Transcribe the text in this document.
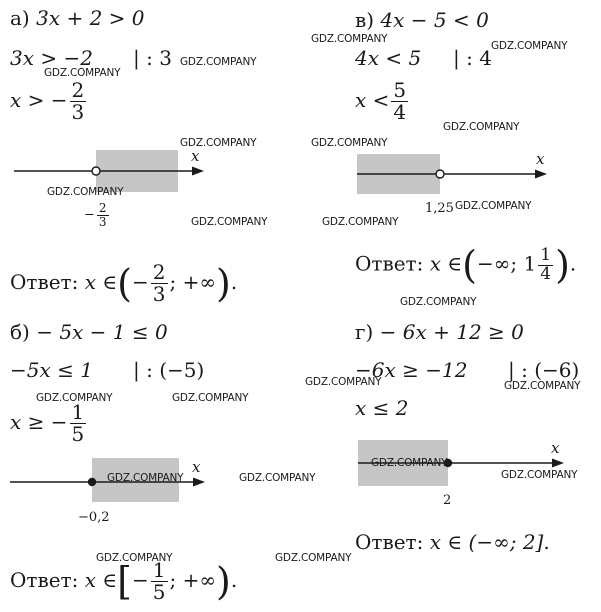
а) 3x + 2 > 0
3x > −2 | : 3
x > − $\frac{2}{3}$
x
− $\frac{2}{3}$
Ответ: x ∈(− $\frac{2}{3}$ ; +∞).
в) 4x − 5 < 0
4x < 5 | : 4
$x < \frac{5}{4}$
x
1,25
Ответ: x ∈(−∞; $1 \frac{1}{4}$ ).
б) − 5x − 1 ≤ 0
−5x ≤ 1 | : (−5)
x ≥ − $\frac{1}{5}$
x
−0,2
Ответ: x ∈[− $\frac{1}{5}$ ; +∞).
г) − 6x + 12 ≥ 0
−6x ≥ −12 | : (−6)
x ≤ 2
x
2
Ответ: x ∈ (−∞; 2].
GDZ.COMPANY
GDZ.COMPANY
GDZ.COMPANY
GDZ.COMPANY
GDZ.COMPANY
GDZ.COMPANY	GDZ.COMPANY
GDZ.COMPANY
GDZ.COMPANY
GDZ.COMPANY	GDZ.COMPANY
GDZ.COMPANY
GDZ.COMPANY	GDZ.COMPANY
GDZ.COMPANY	GDZ.COMPANY
GDZ.COMPANY
GDZ.COMPANY
GDZ.COMPANY	GDZ.COMPANY
GDZ.COMPANY	GDZ.COMPANY
